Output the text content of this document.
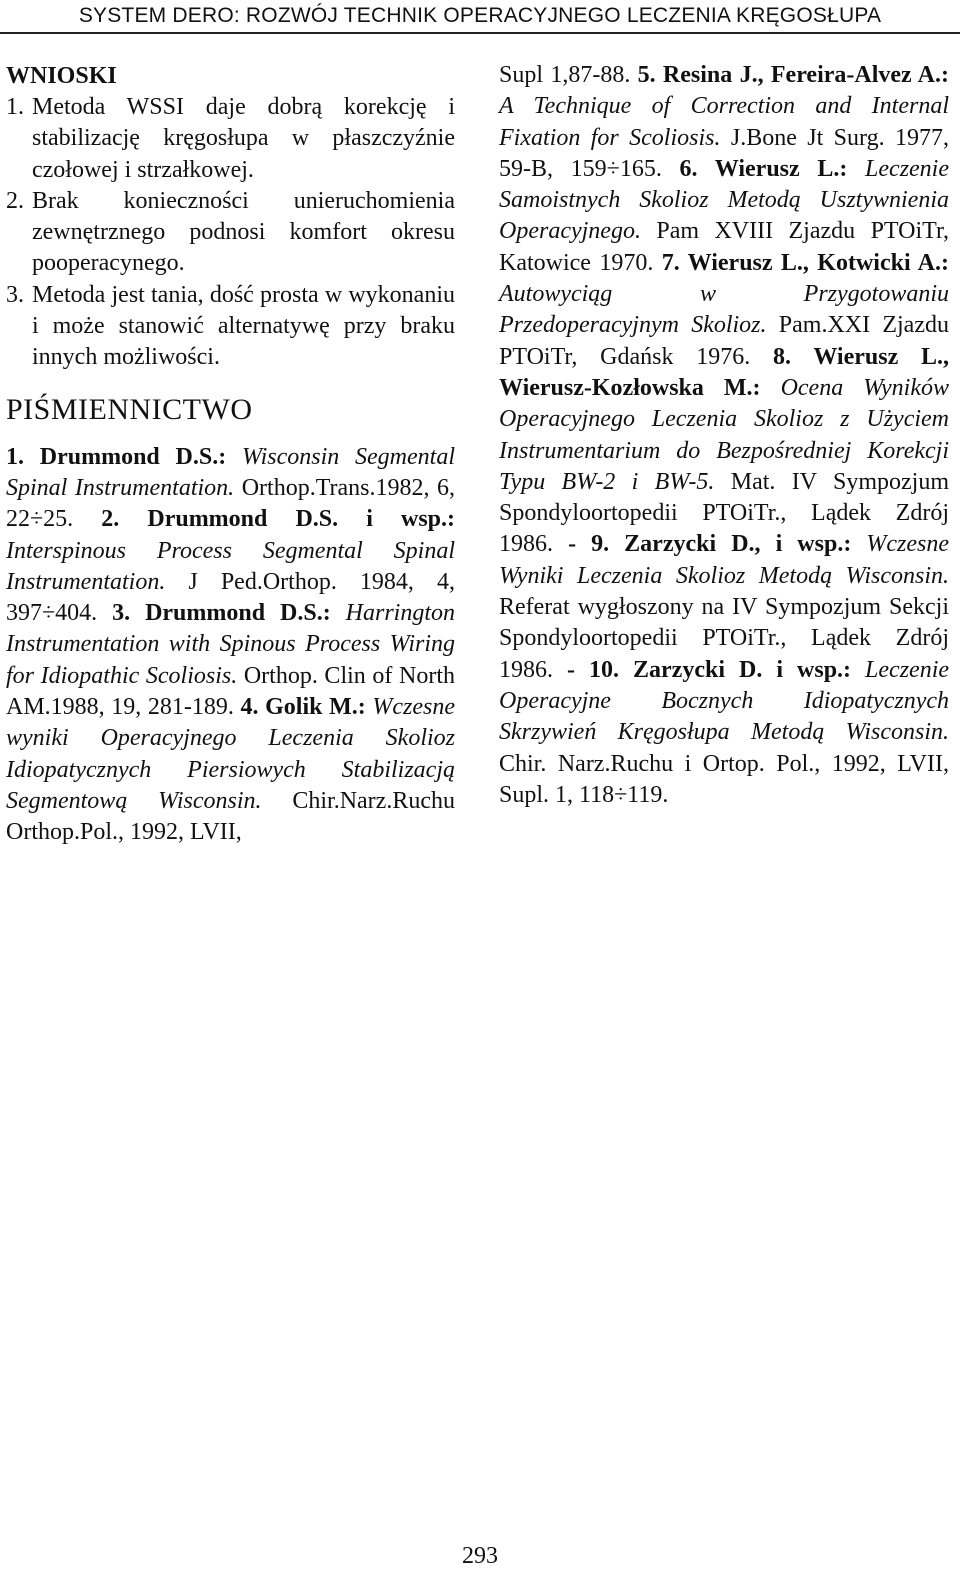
SYSTEM DERO: ROZWÓJ TECHNIK OPERACYJNEGO LECZENIA KRĘGOSŁUPA
WNIOSKI
1. Metoda WSSI daje dobrą korekcję i stabilizację kręgosłupa w płaszczyźnie czołowej i strzałkowej.
2. Brak konieczności unieruchomienia zewnętrznego podnosi komfort okresu pooperacynego.
3. Metoda jest tania, dość prosta w wykonaniu i może stanowić alternatywę przy braku innych możliwości.
PIŚMIENNICTWO

1. Drummond D.S.: Wisconsin Segmental Spinal Instrumentation. Orthop.Trans.1982, 6, 22÷25. 2. Drummond D.S. i wsp.: Interspinous Process Segmental Spinal Instrumentation. J Ped.Orthop. 1984, 4, 397÷404. 3. Drummond D.S.: Harrington Instrumentation with Spinous Process Wiring for Idiopathic Scoliosis. Orthop. Clin of North AM.1988, 19, 281-189. 4. Golik M.: Wczesne wyniki Operacyjnego Leczenia Skolioz Idiopatycznych Piersiowych Stabilizacją Segmentową Wisconsin. Chir.Narz.Ruchu Orthop.Pol., 1992, LVII,

Supl 1,87-88. 5. Resina J., Fereira-Alvez A.: A Technique of Correction and Internal Fixation for Scoliosis. J.Bone Jt Surg. 1977, 59-B, 159÷165. 6. Wierusz L.: Leczenie Samoistnych Skolioz Metodą Usztywnienia Operacyjnego. Pam XVIII Zjazdu PTOiTr, Katowice 1970. 7. Wierusz L., Kotwicki A.: Autowyciąg w Przygotowaniu Przedoperacyjnym Skolioz. Pam.XXI Zjazdu PTOiTr, Gdańsk 1976. 8. Wierusz L., Wierusz-Kozłowska M.: Ocena Wyników Operacyjnego Leczenia Skolioz z Użyciem Instrumentarium do Bezpośredniej Korekcji Typu BW-2 i BW-5. Mat. IV Sympozjum Spondyloortopedii PTOiTr., Lądek Zdrój 1986. - 9. Zarzycki D., i wsp.: Wczesne Wyniki Leczenia Skolioz Metodą Wisconsin. Referat wygłoszony na IV Sympozjum Sekcji Spondyloortopedii PTOiTr., Lądek Zdrój 1986. - 10. Zarzycki D. i wsp.: Leczenie Operacyjne Bocznych Idiopatycznych Skrzywień Kręgosłupa Metodą Wisconsin. Chir. Narz.Ruchu i Ortop. Pol., 1992, LVII, Supl. 1, 118÷119.

293
